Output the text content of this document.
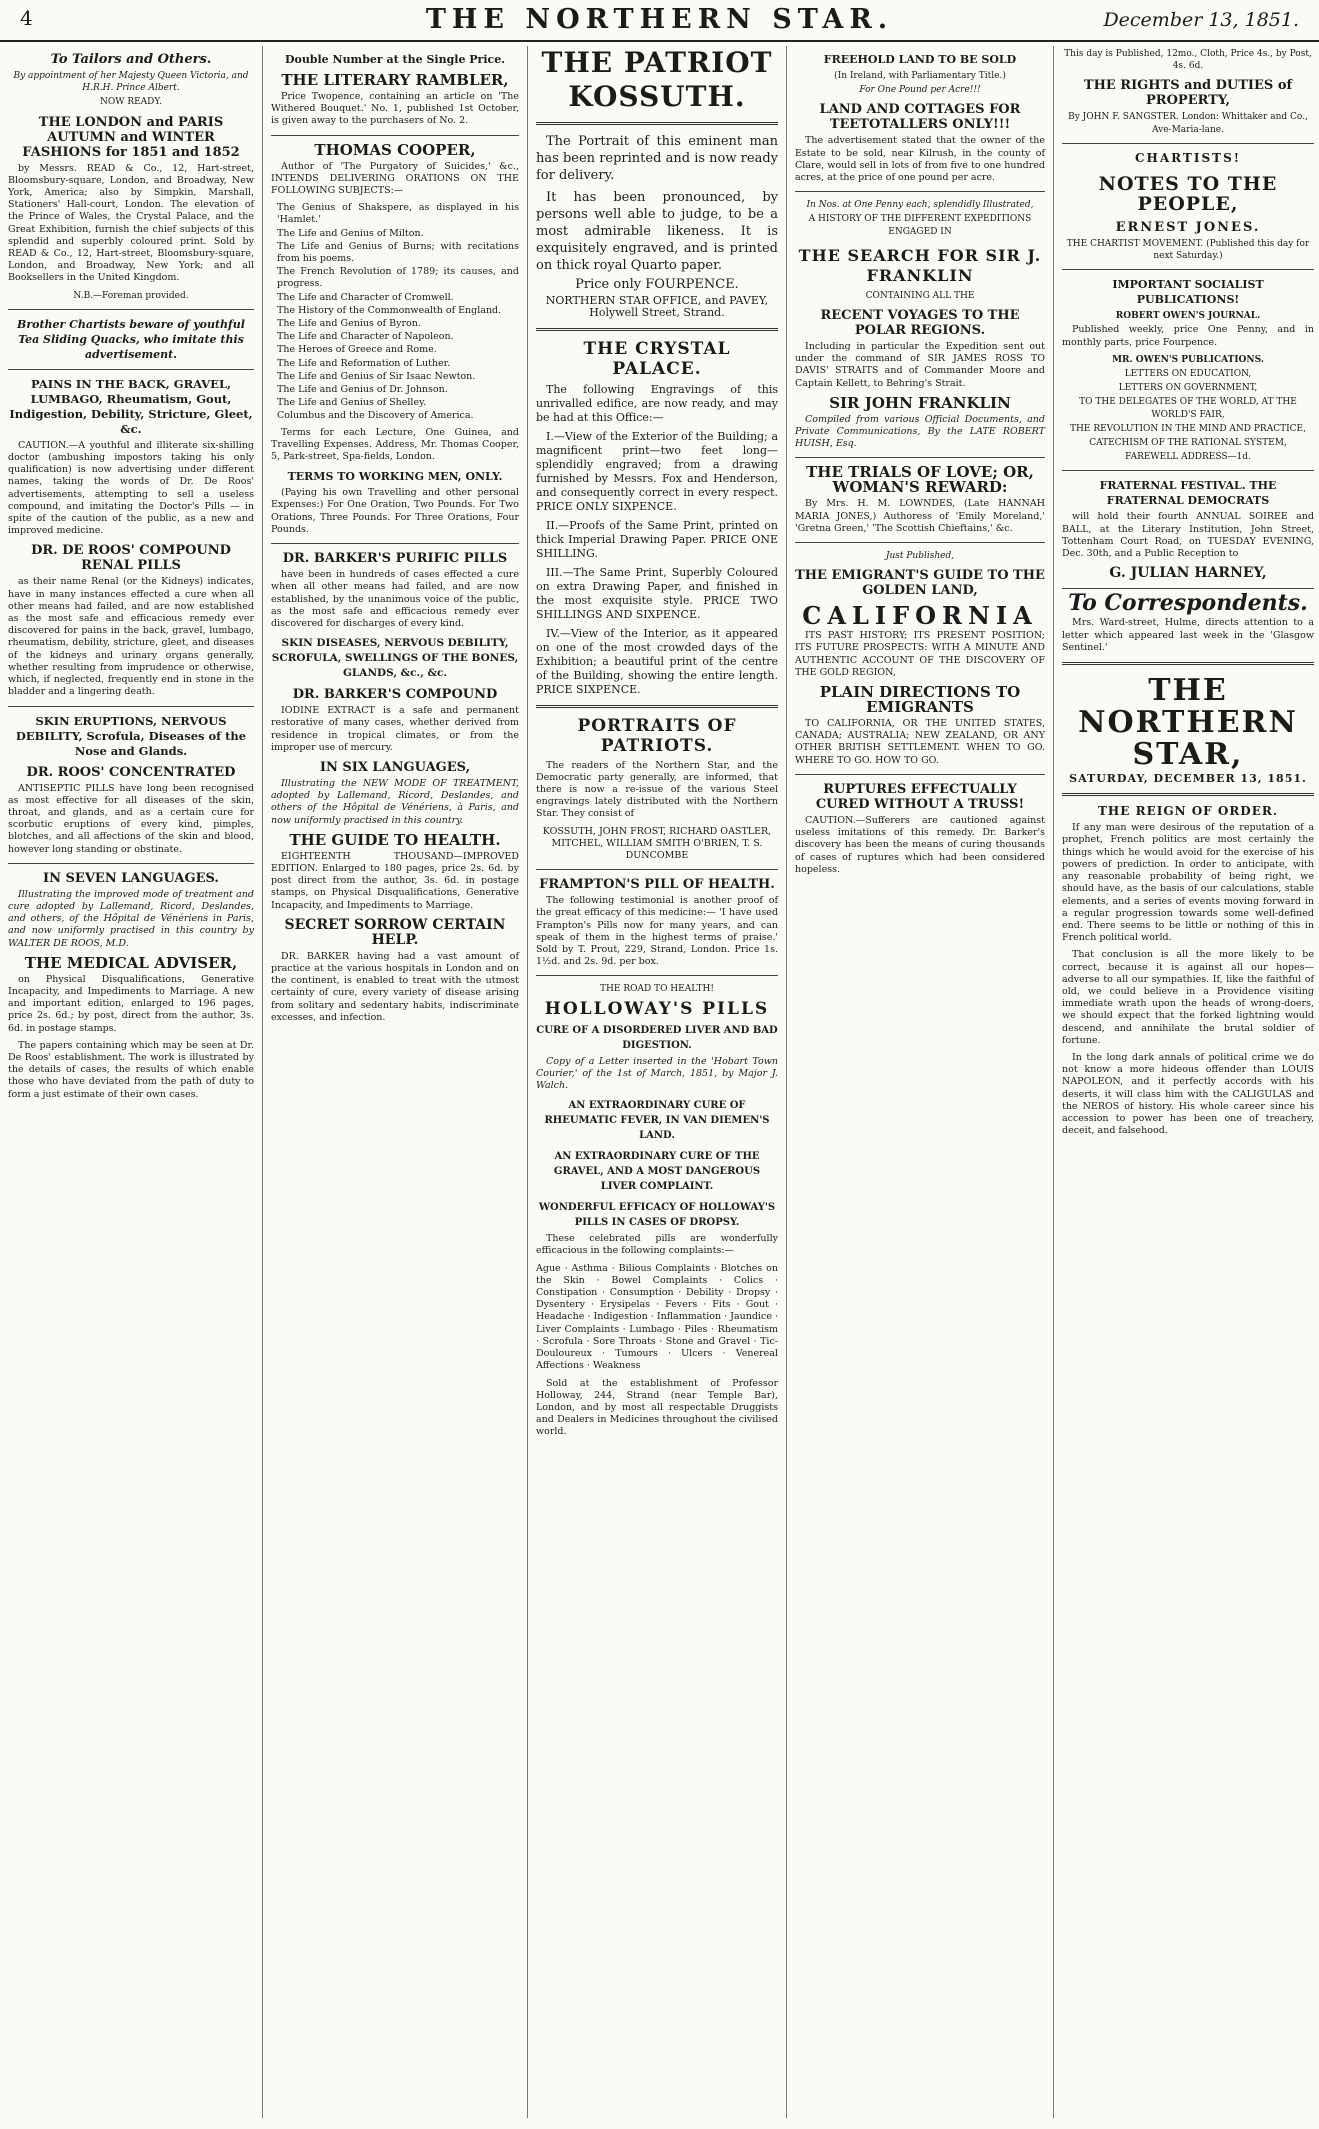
4	THE NORTHERN STAR.	December 13, 1851.
To Tailors and Others.
By appointment of her Majesty Queen Victoria, and H.R.H. Prince Albert.
NOW READY.
THE LONDON and PARIS AUTUMN and WINTER FASHIONS for 1851 and 1852

by Messrs. READ & Co., 12, Hart-street, Bloomsbury-square, London, and Broadway, New York, America; also by Simpkin, Marshall, Stationers' Hall-court, London. The elevation of the Prince of Wales, the Crystal Palace, and the Great Exhibition, furnish the chief subjects of this splendid and superbly coloured print. Sold by READ & Co., 12, Hart-street, Bloomsbury-square, London, and Broadway, New York; and all Booksellers in the United Kingdom.

N.B.—Foreman provided.
Brother Chartists beware of youthful Tea Sliding Quacks, who imitate this advertisement.
PAINS IN THE BACK, GRAVEL, LUMBAGO, Rheumatism, Gout, Indigestion, Debility, Stricture, Gleet, &c.

CAUTION.—A youthful and illiterate six-shilling doctor (ambushing impostors taking his only qualification) is now advertising under different names, taking the words of Dr. De Roos' advertisements, attempting to sell a useless compound, and imitating the Doctor's Pills — in spite of the caution of the public, as a new and improved medicine.

DR. DE ROOS' COMPOUND RENAL PILLS

as their name Renal (or the Kidneys) indicates, have in many instances effected a cure when all other means had failed, and are now established as the most safe and efficacious remedy ever discovered for pains in the back, gravel, lumbago, rheumatism, debility, stricture, gleet, and diseases of the kidneys and urinary organs generally, whether resulting from imprudence or otherwise, which, if neglected, frequently end in stone in the bladder and a lingering death.

SKIN ERUPTIONS, NERVOUS DEBILITY, Scrofula, Diseases of the Nose and Glands.
DR. ROOS' CONCENTRATED

ANTISEPTIC PILLS have long been recognised as most effective for all diseases of the skin, throat, and glands, and as a certain cure for scorbutic eruptions of every kind, pimples, blotches, and all affections of the skin and blood, however long standing or obstinate.

IN SEVEN LANGUAGES.

Illustrating the improved mode of treatment and cure adopted by Lallemand, Ricord, Deslandes, and others, of the Hôpital de Vénériens in Paris, and now uniformly practised in this country by WALTER DE ROOS, M.D.

THE MEDICAL ADVISER,

on Physical Disqualifications, Generative Incapacity, and Impediments to Marriage. A new and important edition, enlarged to 196 pages, price 2s. 6d.; by post, direct from the author, 3s. 6d. in postage stamps.

The papers containing which may be seen at Dr. De Roos' establishment. The work is illustrated by the details of cases, the results of which enable those who have deviated from the path of duty to form a just estimate of their own cases.

Double Number at the Single Price.
THE LITERARY RAMBLER,

Price Twopence, containing an article on 'The Withered Bouquet.' No. 1, published 1st October, is given away to the purchasers of No. 2.

THOMAS COOPER,

Author of 'The Purgatory of Suicides,' &c., INTENDS DELIVERING ORATIONS ON THE FOLLOWING SUBJECTS:—

The Genius of Shakspere, as displayed in his 'Hamlet.'
The Life and Genius of Milton.
The Life and Genius of Burns; with recitations from his poems.
The French Revolution of 1789; its causes, and progress.
The Life and Character of Cromwell.
The History of the Commonwealth of England.
The Life and Genius of Byron.
The Life and Character of Napoleon.
The Heroes of Greece and Rome.
The Life and Reformation of Luther.
The Life and Genius of Sir Isaac Newton.
The Life and Genius of Dr. Johnson.
The Life and Genius of Shelley.
Columbus and the Discovery of America.

Terms for each Lecture, One Guinea, and Travelling Expenses. Address, Mr. Thomas Cooper, 5, Park-street, Spa-fields, London.

TERMS TO WORKING MEN, ONLY.

(Paying his own Travelling and other personal Expenses:) For One Oration, Two Pounds. For Two Orations, Three Pounds. For Three Orations, Four Pounds.

DR. BARKER'S PURIFIC PILLS

have been in hundreds of cases effected a cure when all other means had failed, and are now established, by the unanimous voice of the public, as the most safe and efficacious remedy ever discovered for discharges of every kind.

SKIN DISEASES, NERVOUS DEBILITY, SCROFULA, SWELLINGS OF THE BONES, GLANDS, &c., &c.
DR. BARKER'S COMPOUND

IODINE EXTRACT is a safe and permanent restorative of many cases, whether derived from residence in tropical climates, or from the improper use of mercury.

IN SIX LANGUAGES,

Illustrating the NEW MODE OF TREATMENT, adopted by Lallemand, Ricord, Deslandes, and others of the Hôpital de Vénériens, à Paris, and now uniformly practised in this country.

THE GUIDE TO HEALTH.

EIGHTEENTH THOUSAND—IMPROVED EDITION. Enlarged to 180 pages, price 2s. 6d. by post direct from the author, 3s. 6d. in postage stamps, on Physical Disqualifications, Generative Incapacity, and Impediments to Marriage.

SECRET SORROW CERTAIN HELP.

DR. BARKER having had a vast amount of practice at the various hospitals in London and on the continent, is enabled to treat with the utmost certainty of cure, every variety of disease arising from solitary and sedentary habits, indiscriminate excesses, and infection.

THE PATRIOT KOSSUTH.

The Portrait of this eminent man has been reprinted and is now ready for delivery.

It has been pronounced, by persons well able to judge, to be a most admirable likeness. It is exquisitely engraved, and is printed on thick royal Quarto paper.

Price only FOURPENCE.
NORTHERN STAR OFFICE, and PAVEY, Holywell Street, Strand.
THE CRYSTAL PALACE.

The following Engravings of this unrivalled edifice, are now ready, and may be had at this Office:—

I.—View of the Exterior of the Building; a magnificent print—two feet long—splendidly engraved; from a drawing furnished by Messrs. Fox and Henderson, and consequently correct in every respect. PRICE ONLY SIXPENCE.

II.—Proofs of the Same Print, printed on thick Imperial Drawing Paper. PRICE ONE SHILLING.

III.—The Same Print, Superbly Coloured on extra Drawing Paper, and finished in the most exquisite style. PRICE TWO SHILLINGS AND SIXPENCE.

IV.—View of the Interior, as it appeared on one of the most crowded days of the Exhibition; a beautiful print of the centre of the Building, showing the entire length. PRICE SIXPENCE.

PORTRAITS OF PATRIOTS.

The readers of the Northern Star, and the Democratic party generally, are informed, that there is now a re-issue of the various Steel engravings lately distributed with the Northern Star. They consist of

KOSSUTH, JOHN FROST, RICHARD OASTLER, MITCHEL, WILLIAM SMITH O'BRIEN, T. S. DUNCOMBE
FRAMPTON'S PILL OF HEALTH.

The following testimonial is another proof of the great efficacy of this medicine:— 'I have used Frampton's Pills now for many years, and can speak of them in the highest terms of praise.' Sold by T. Prout, 229, Strand, London. Price 1s. 1½d. and 2s. 9d. per box.

THE ROAD TO HEALTH!
HOLLOWAY'S PILLS
CURE OF A DISORDERED LIVER AND BAD DIGESTION.

Copy of a Letter inserted in the 'Hobart Town Courier,' of the 1st of March, 1851, by Major J. Walch.

AN EXTRAORDINARY CURE OF RHEUMATIC FEVER, IN VAN DIEMEN'S LAND.
AN EXTRAORDINARY CURE OF THE GRAVEL, AND A MOST DANGEROUS LIVER COMPLAINT.
WONDERFUL EFFICACY OF HOLLOWAY'S PILLS IN CASES OF DROPSY.

These celebrated pills are wonderfully efficacious in the following complaints:—

Ague · Asthma · Bilious Complaints · Blotches on the Skin · Bowel Complaints · Colics · Constipation · Consumption · Debility · Dropsy · Dysentery · Erysipelas · Fevers · Fits · Gout · Headache · Indigestion · Inflammation · Jaundice · Liver Complaints · Lumbago · Piles · Rheumatism · Scrofula · Sore Throats · Stone and Gravel · Tic-Douloureux · Tumours · Ulcers · Venereal Affections · Weakness

Sold at the establishment of Professor Holloway, 244, Strand (near Temple Bar), London, and by most all respectable Druggists and Dealers in Medicines throughout the civilised world.

FREEHOLD LAND TO BE SOLD
(In Ireland, with Parliamentary Title.)
For One Pound per Acre!!!
LAND AND COTTAGES FOR TEETOTALLERS ONLY!!!

The advertisement stated that the owner of the Estate to be sold, near Kilrush, in the county of Clare, would sell in lots of from five to one hundred acres, at the price of one pound per acre.

In Nos. at One Penny each, splendidly Illustrated,
A HISTORY OF THE DIFFERENT EXPEDITIONS ENGAGED IN
THE SEARCH FOR SIR J. FRANKLIN
CONTAINING ALL THE
RECENT VOYAGES TO THE POLAR REGIONS.

Including in particular the Expedition sent out under the command of SIR JAMES ROSS TO DAVIS' STRAITS and of Commander Moore and Captain Kellett, to Behring's Strait.

SIR JOHN FRANKLIN

Compiled from various Official Documents, and Private Communications, By the LATE ROBERT HUISH, Esq.

THE TRIALS OF LOVE; OR, WOMAN'S REWARD:

By Mrs. H. M. LOWNDES, (Late HANNAH MARIA JONES,) Authoress of 'Emily Moreland,' 'Gretna Green,' 'The Scottish Chieftains,' &c.

Just Published,
THE EMIGRANT'S GUIDE TO THE GOLDEN LAND,
CALIFORNIA

ITS PAST HISTORY; ITS PRESENT POSITION; ITS FUTURE PROSPECTS: WITH A MINUTE AND AUTHENTIC ACCOUNT OF THE DISCOVERY OF THE GOLD REGION,

PLAIN DIRECTIONS TO EMIGRANTS

TO CALIFORNIA, OR THE UNITED STATES, CANADA; AUSTRALIA; NEW ZEALAND, OR ANY OTHER BRITISH SETTLEMENT. WHEN TO GO. WHERE TO GO. HOW TO GO.

RUPTURES EFFECTUALLY CURED WITHOUT A TRUSS!

CAUTION.—Sufferers are cautioned against useless imitations of this remedy. Dr. Barker's discovery has been the means of curing thousands of cases of ruptures which had been considered hopeless.

This day is Published, 12mo., Cloth, Price 4s., by Post, 4s. 6d.
THE RIGHTS and DUTIES of PROPERTY,
By JOHN F. SANGSTER. London: Whittaker and Co., Ave-Maria-lane.
CHARTISTS!
NOTES TO THE PEOPLE,
ERNEST JONES.
THE CHARTIST MOVEMENT. (Published this day for next Saturday.)
IMPORTANT SOCIALIST PUBLICATIONS!
ROBERT OWEN'S JOURNAL.

Published weekly, price One Penny, and in monthly parts, price Fourpence.

MR. OWEN'S PUBLICATIONS.
LETTERS ON EDUCATION,
LETTERS ON GOVERNMENT,
TO THE DELEGATES OF THE WORLD, AT THE WORLD'S FAIR,
THE REVOLUTION IN THE MIND AND PRACTICE,
CATECHISM OF THE RATIONAL SYSTEM,
FAREWELL ADDRESS—1d.
FRATERNAL FESTIVAL. THE FRATERNAL DEMOCRATS

will hold their fourth ANNUAL SOIREE and BALL, at the Literary Institution, John Street, Tottenham Court Road, on TUESDAY EVENING, Dec. 30th, and a Public Reception to

G. JULIAN HARNEY,
To Correspondents.

Mrs. Ward-street, Hulme, directs attention to a letter which appeared last week in the 'Glasgow Sentinel.'

THE NORTHERN STAR,
SATURDAY, DECEMBER 13, 1851.
THE REIGN OF ORDER.

If any man were desirous of the reputation of a prophet, French politics are most certainly the things which he would avoid for the exercise of his powers of prediction. In order to anticipate, with any reasonable probability of being right, we should have, as the basis of our calculations, stable elements, and a series of events moving forward in a regular progression towards some well-defined end. There seems to be little or nothing of this in French political world.

That conclusion is all the more likely to be correct, because it is against all our hopes—adverse to all our sympathies. If, like the faithful of old, we could believe in a Providence visiting immediate wrath upon the heads of wrong-doers, we should expect that the forked lightning would descend, and annihilate the brutal soldier of fortune.

In the long dark annals of political crime we do not know a more hideous offender than LOUIS NAPOLEON, and it perfectly accords with his deserts, it will class him with the CALIGULAS and the NEROS of history. His whole career since his accession to power has been one of treachery, deceit, and falsehood.
